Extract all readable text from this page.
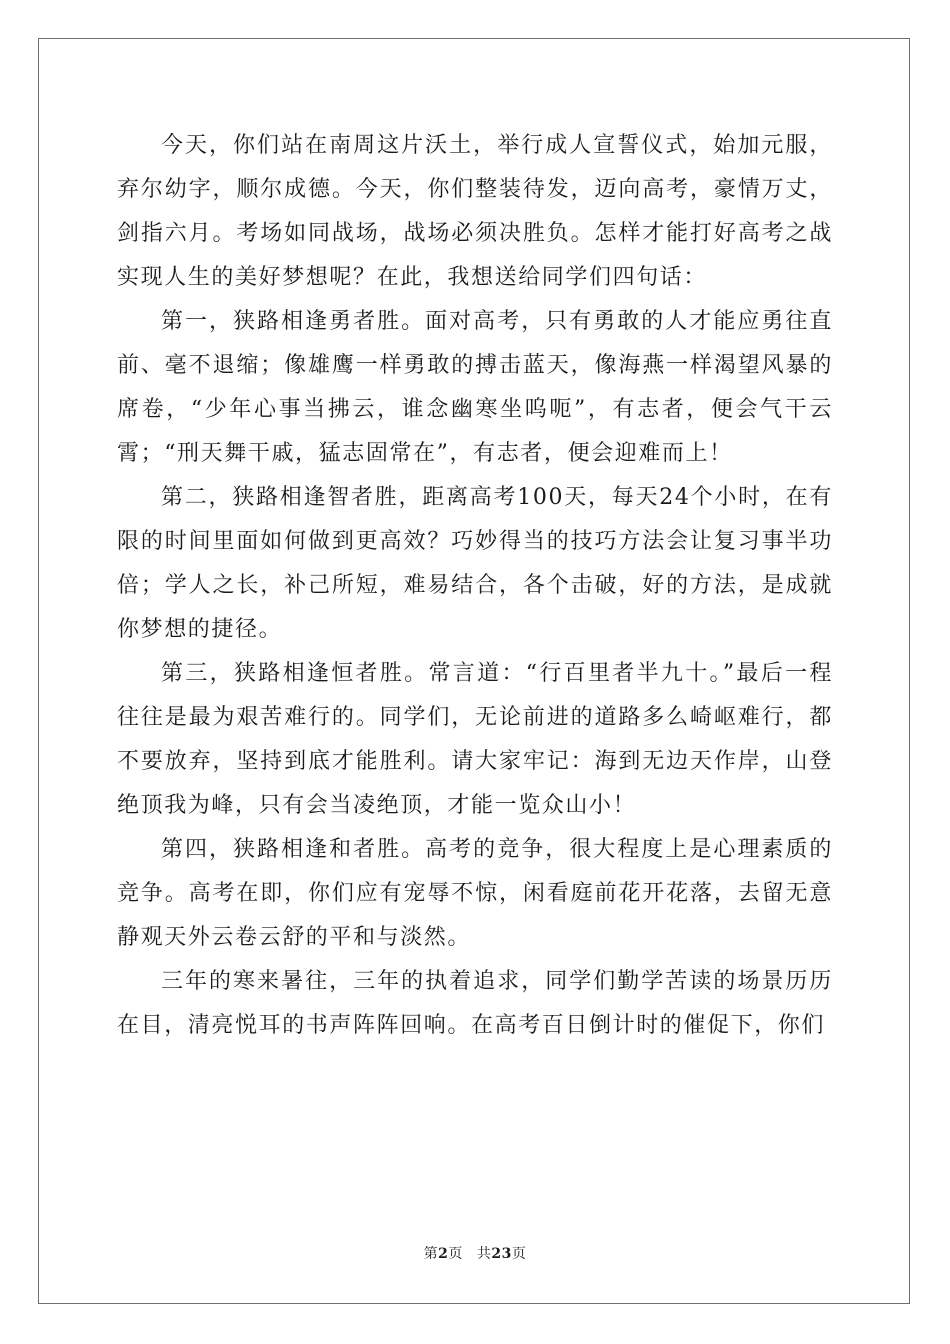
今天，你们站在南周这片沃土，举行成人宣誓仪式，始加元服，弃尔幼字，顺尔成德。今天，你们整装待发，迈向高考，豪情万丈，剑指六月。考场如同战场，战场必须决胜负。怎样才能打好高考之战实现人生的美好梦想呢？在此，我想送给同学们四句话：

第一，狭路相逢勇者胜。面对高考，只有勇敢的人才能应勇往直前、毫不退缩；像雄鹰一样勇敢的搏击蓝天，像海燕一样渴望风暴的席卷，“少年心事当拂云，谁念幽寒坐呜呃”，有志者，便会气干云霄；“刑天舞干戚，猛志固常在”，有志者，便会迎难而上！

第二，狭路相逢智者胜，距离高考100天，每天24个小时，在有限的时间里面如何做到更高效？巧妙得当的技巧方法会让复习事半功倍；学人之长，补己所短，难易结合，各个击破，好的方法，是成就你梦想的捷径。

第三，狭路相逢恒者胜。常言道：“行百里者半九十。”最后一程往往是最为艰苦难行的。同学们，无论前进的道路多么崎岖难行，都不要放弃，坚持到底才能胜利。请大家牢记：海到无边天作岸，山登绝顶我为峰，只有会当凌绝顶，才能一览众山小！

第四，狭路相逢和者胜。高考的竞争，很大程度上是心理素质的竞争。高考在即，你们应有宠辱不惊，闲看庭前花开花落，去留无意静观天外云卷云舒的平和与淡然。

三年的寒来暑往，三年的执着追求，同学们勤学苦读的场景历历在目，清亮悦耳的书声阵阵回响。在高考百日倒计时的催促下，你们

第2页 共23页
